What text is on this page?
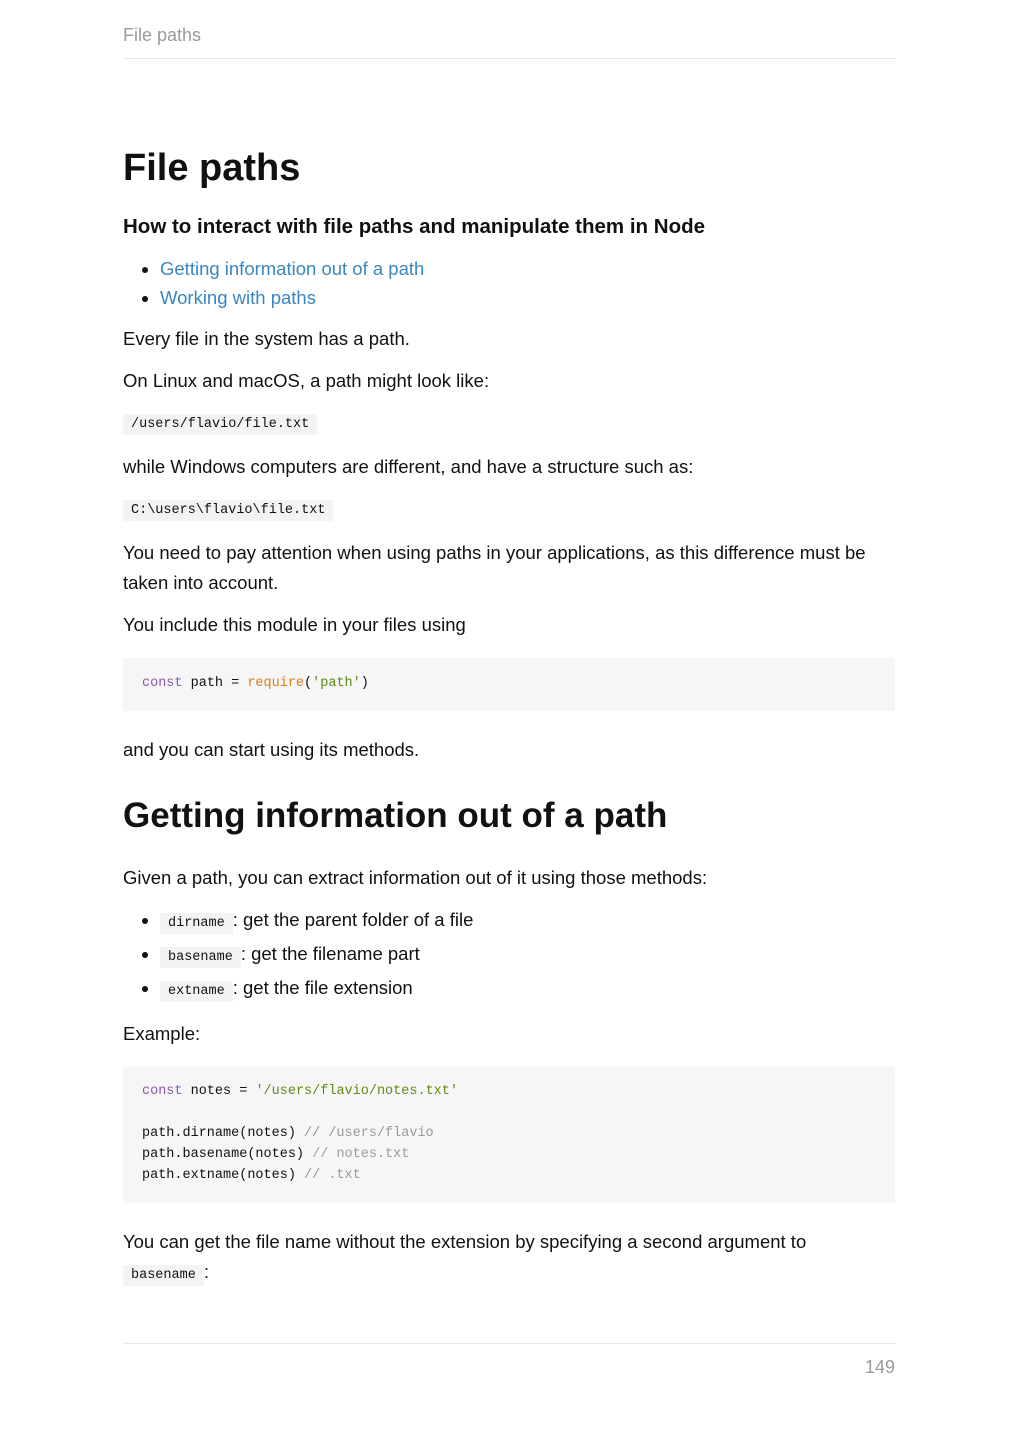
File paths
File paths
How to interact with file paths and manipulate them in Node
• Getting information out of a path
• Working with paths

Every file in the system has a path.

On Linux and macOS, a path might look like:

/users/flavio/file.txt

while Windows computers are different, and have a structure such as:

C:\users\flavio\file.txt

You need to pay attention when using paths in your applications, as this difference must be taken into account.

You include this module in your files using

const path = require('path')

and you can start using its methods.

Getting information out of a path

Given a path, you can extract information out of it using those methods:

• dirname : get the parent folder of a file
• basename : get the filename part
• extname : get the file extension

Example:

const notes = '/users/flavio/notes.txt'

path.dirname(notes) // /users/flavio
path.basename(notes) // notes.txt
path.extname(notes) // .txt

You can get the file name without the extension by specifying a second argument to
basename :

149
